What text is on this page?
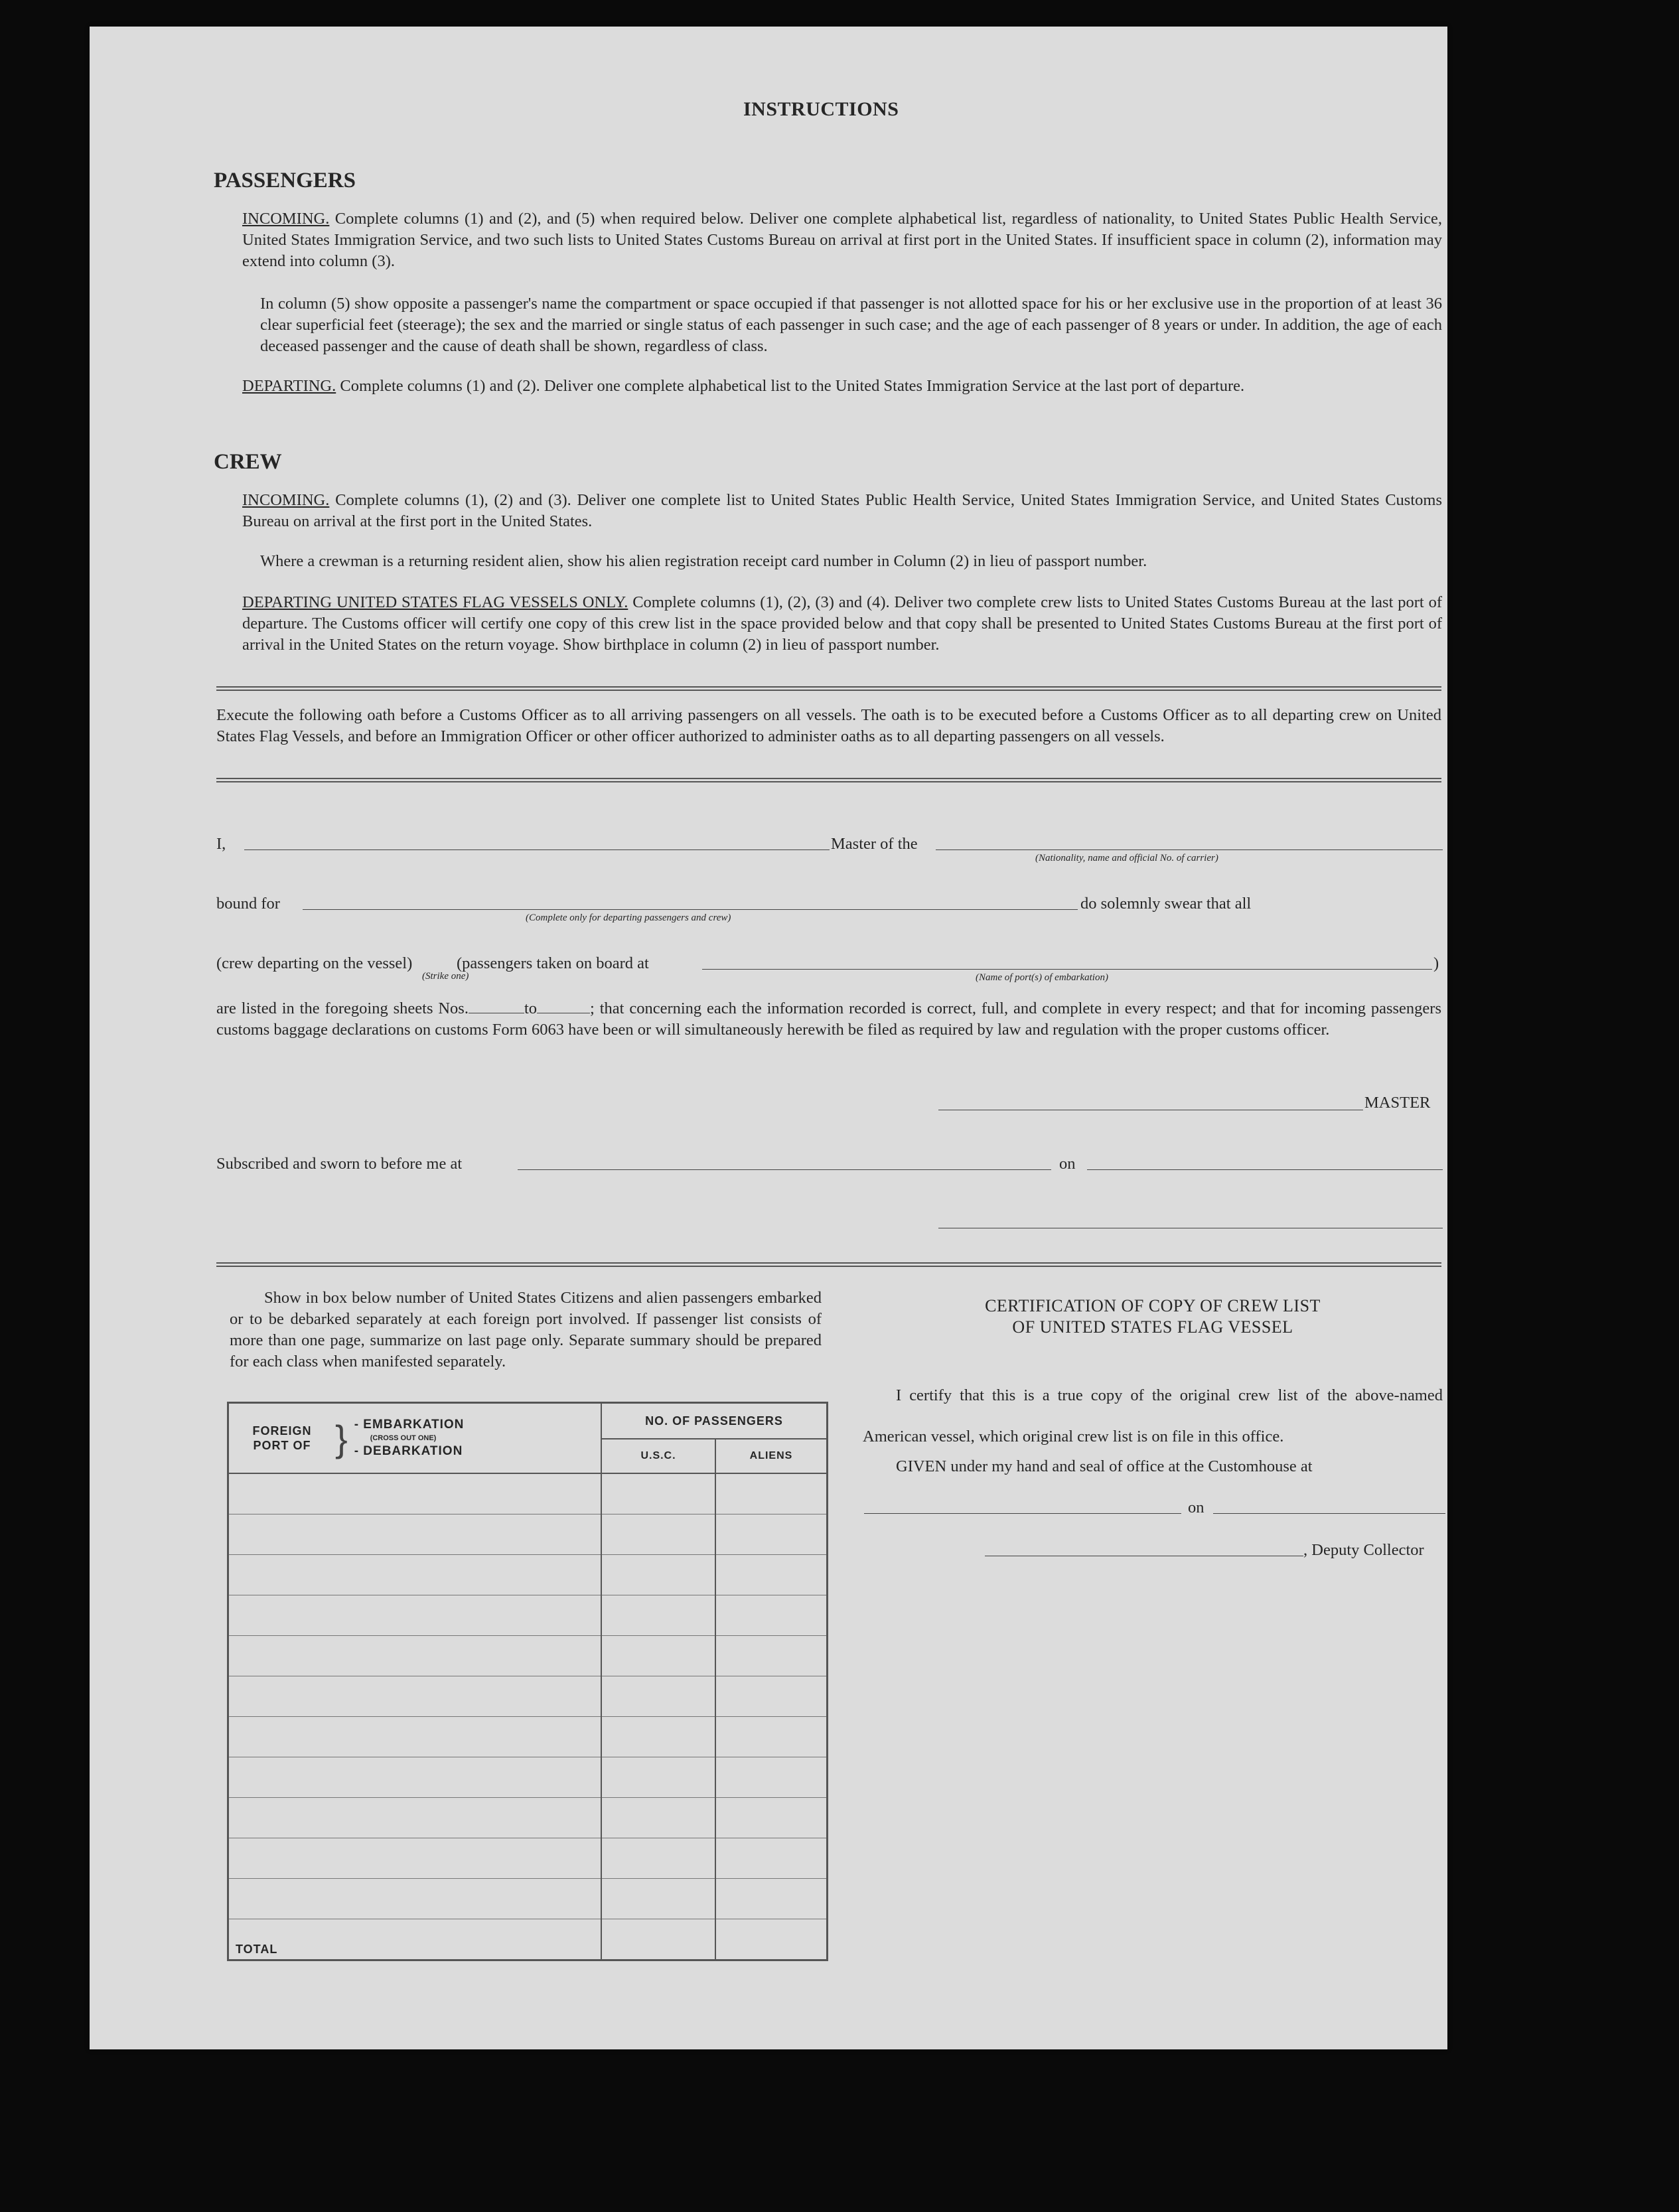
INSTRUCTIONS
PASSENGERS
INCOMING. Complete columns (1) and (2), and (5) when required below. Deliver one complete alphabetical list, regardless of nationality, to United States Public Health Service, United States Immigration Service, and two such lists to United States Customs Bureau on arrival at first port in the United States. If insufficient space in column (2), information may extend into column (3).
In column (5) show opposite a passenger's name the compartment or space occupied if that passenger is not allotted space for his or her exclusive use in the proportion of at least 36 clear superficial feet (steerage); the sex and the married or single status of each passenger in such case; and the age of each passenger of 8 years or under. In addition, the age of each deceased passenger and the cause of death shall be shown, regardless of class.
DEPARTING. Complete columns (1) and (2). Deliver one complete alphabetical list to the United States Immigration Service at the last port of departure.
CREW
INCOMING. Complete columns (1), (2) and (3). Deliver one complete list to United States Public Health Service, United States Immigration Service, and United States Customs Bureau on arrival at the first port in the United States.
Where a crewman is a returning resident alien, show his alien registration receipt card number in Column (2) in lieu of passport number.
DEPARTING UNITED STATES FLAG VESSELS ONLY. Complete columns (1), (2), (3) and (4). Deliver two complete crew lists to United States Customs Bureau at the last port of departure. The Customs officer will certify one copy of this crew list in the space provided below and that copy shall be presented to United States Customs Bureau at the first port of arrival in the United States on the return voyage. Show birthplace in column (2) in lieu of passport number.
Execute the following oath before a Customs Officer as to all arriving passengers on all vessels. The oath is to be executed before a Customs Officer as to all departing crew on United States Flag Vessels, and before an Immigration Officer or other officer authorized to administer oaths as to all departing passengers on all vessels.
I,	Master of the
(Nationality, name and official No. of carrier)
bound for
(Complete only for departing passengers and crew)
do solemnly swear that all
(crew departing on the vessel)
(Strike one)
(passengers taken on board at
(Name of port(s) of embarkation)
)
are listed in the foregoing sheets Nos.	to	; that concerning each the information recorded is correct, full, and complete in every respect; and that for incoming passengers customs baggage declarations on customs Form 6063 have been or will simultaneously herewith be filed as required by law and regulation with the proper customs officer.
MASTER
Subscribed and sworn to before me at	on
Show in box below number of United States Citizens and alien passengers embarked or to be debarked separately at each foreign port involved. If passenger list consists of more than one page, summarize on last page only. Separate summary should be prepared for each class when manifested separately.
FOREIGN PORT OF } - EMBARKATION
(CROSS OUT ONE)
- DEBARKATION	NO. OF PASSENGERS	
	U.S.C.	ALIENS

TOTAL		
CERTIFICATION OF COPY OF CREW LIST
OF UNITED STATES FLAG VESSEL
I certify that this is a true copy of the original crew list of the above-named American vessel, which original crew list is on file in this office.
GIVEN under my hand and seal of office at the Customhouse at
on
, Deputy Collector
